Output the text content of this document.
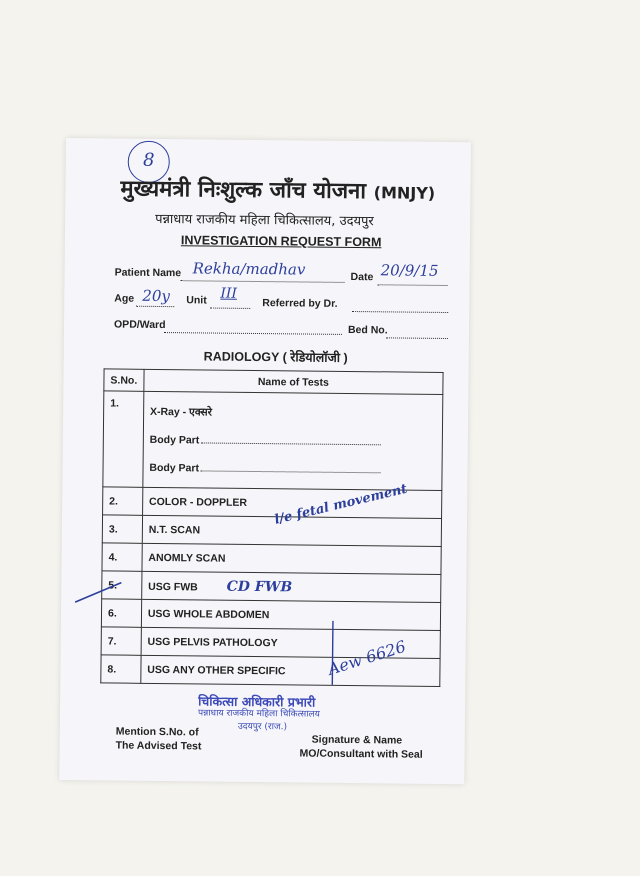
8
मुख्यमंत्री निःशुल्क जाँच योजना (MNJY)
पन्नाधाय राजकीय महिला चिकित्सालय, उदयपुर
INVESTIGATION REQUEST FORM
Patient Name Rekha/madhav	Date 20/9/15
Age 20y Unit III
Referred by Dr.
OPD/Ward	Bed No.
RADIOLOGY ( रेडियोलॉजी )
S.No.	Name of Tests
1.	X-Ray - एक्सरे
Body Part
Body Part

2.	COLOR - DOPPLER
3.	N.T. SCAN
l/e fetal movement

4.	ANOMLY SCAN
5.	USG FWB CD FWB
6.	USG WHOLE ABDOMEN
7.	USG PELVIS PATHOLOGY
8.	USG ANY OTHER SPECIFIC Aew 6626
चिकित्सा अधिकारी प्रभारी
पन्नाधाय राजकीय महिला चिकित्सालय
उदयपुर (राज.)
Mention S.No. of
The Advised Test	Signature & Name
MO/Consultant with Seal
